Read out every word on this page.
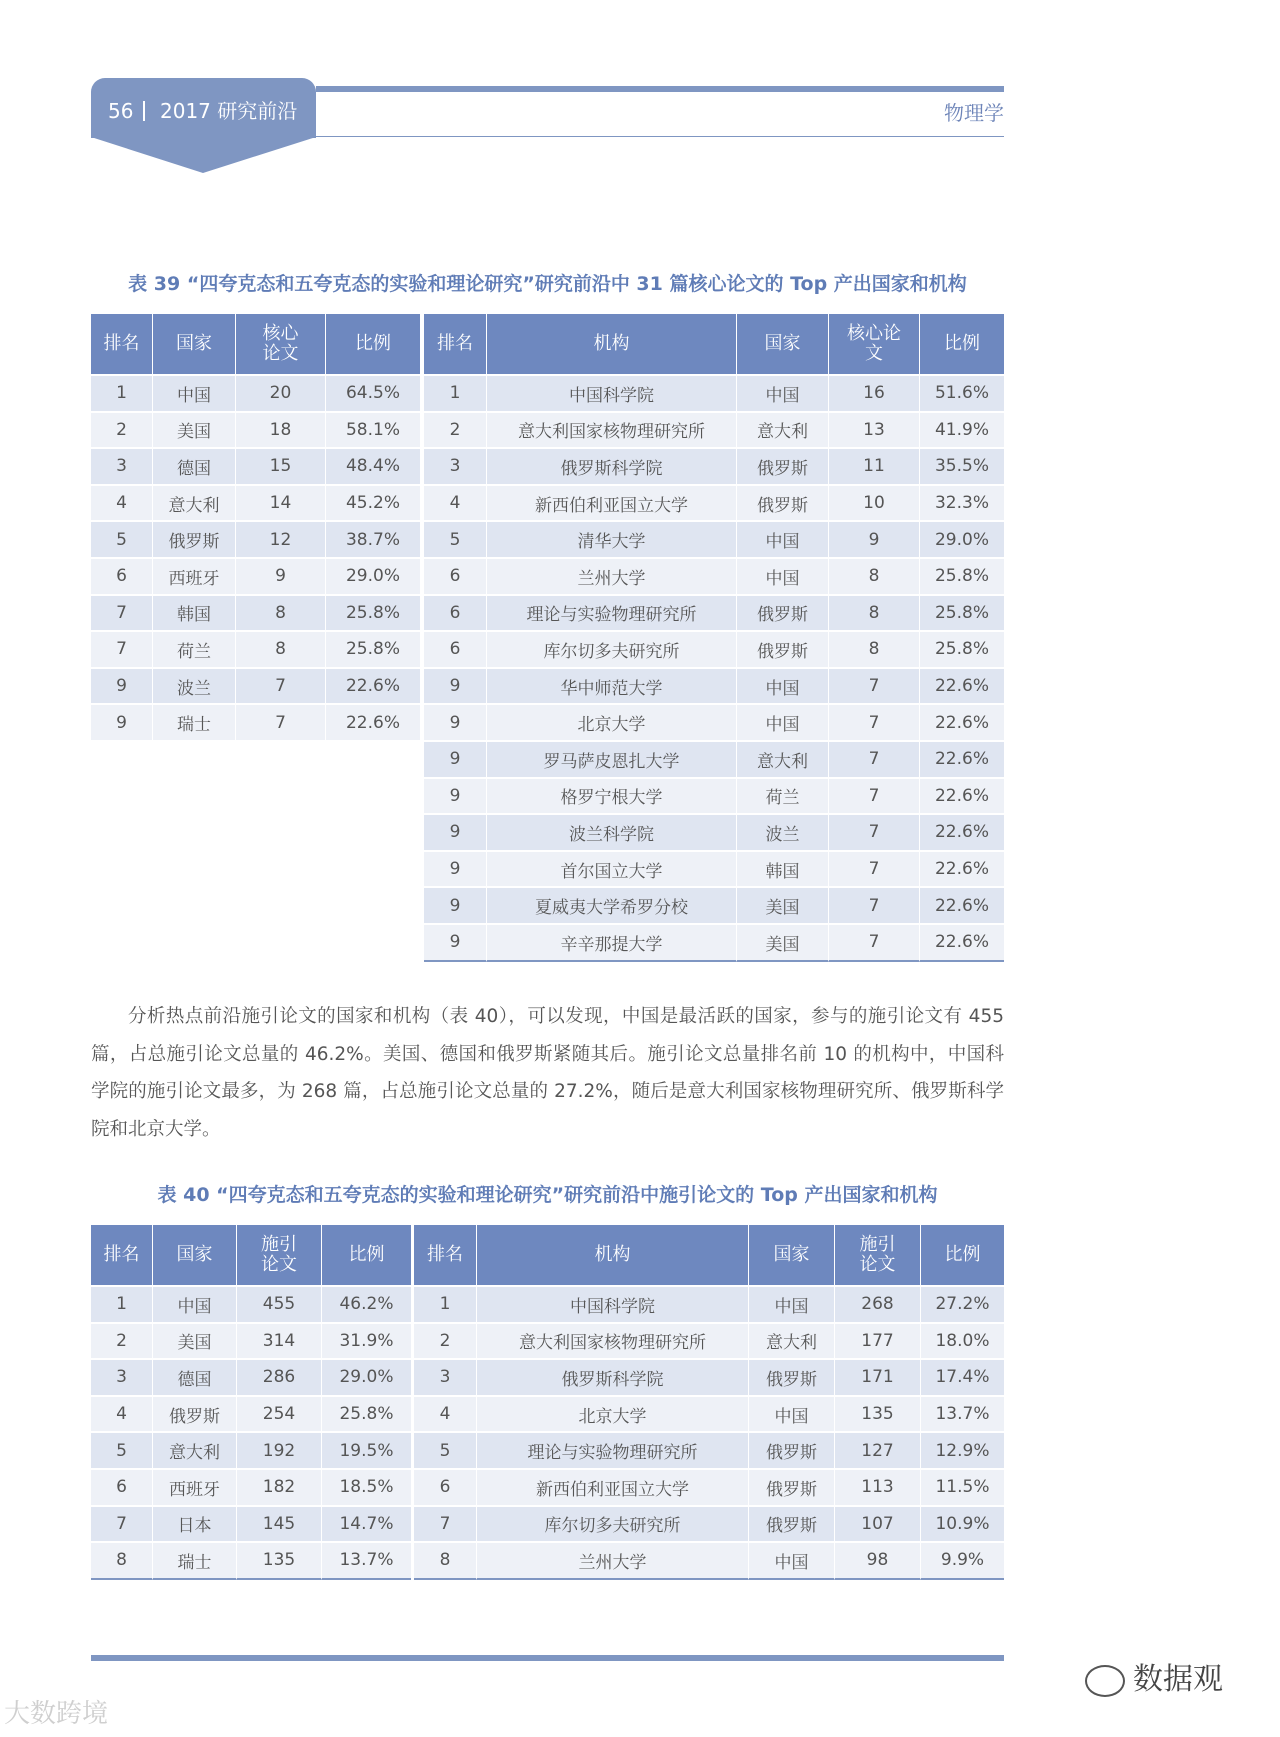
56 2017 研究前沿	物理学
表 39 “四夸克态和五夸克态的实验和理论研究”研究前沿中 31 篇核心论文的 Top 产出国家和机构
排名	国家	核心论文	比例
1	中国	20	64.5%
2	美国	18	58.1%
3	德国	15	48.4%
4	意大利	14	45.2%
5	俄罗斯	12	38.7%
6	西班牙	9	29.0%
7	韩国	8	25.8%
7	荷兰	8	25.8%
9	波兰	7	22.6%
9	瑞士	7	22.6%
排名	机构	国家	核心论文	比例
1	中国科学院	中国	16	51.6%
2	意大利国家核物理研究所	意大利	13	41.9%
3	俄罗斯科学院	俄罗斯	11	35.5%
4	新西伯利亚国立大学	俄罗斯	10	32.3%
5	清华大学	中国	9	29.0%
6	兰州大学	中国	8	25.8%
6	理论与实验物理研究所	俄罗斯	8	25.8%
6	库尔切多夫研究所	俄罗斯	8	25.8%
9	华中师范大学	中国	7	22.6%
9	北京大学	中国	7	22.6%
9	罗马萨皮恩扎大学	意大利	7	22.6%
9	格罗宁根大学	荷兰	7	22.6%
9	波兰科学院	波兰	7	22.6%
9	首尔国立大学	韩国	7	22.6%
9	夏威夷大学希罗分校	美国	7	22.6%
9	辛辛那提大学	美国	7	22.6%
分析热点前沿施引论文的国家和机构（表 40），可以发现，中国是最活跃的国家，参与的施引论文有 455 篇，占总施引论文总量的 46.2%。美国、德国和俄罗斯紧随其后。施引论文总量排名前 10 的机构中，中国科学院的施引论文最多，为 268 篇，占总施引论文总量的 27.2%，随后是意大利国家核物理研究所、俄罗斯科学院和北京大学。
表 40 “四夸克态和五夸克态的实验和理论研究”研究前沿中施引论文的 Top 产出国家和机构
排名	国家	施引论文	比例
1	中国	455	46.2%
2	美国	314	31.9%
3	德国	286	29.0%
4	俄罗斯	254	25.8%
5	意大利	192	19.5%
6	西班牙	182	18.5%
7	日本	145	14.7%
8	瑞士	135	13.7%
排名	机构	国家	施引论文	比例
1	中国科学院	中国	268	27.2%
2	意大利国家核物理研究所	意大利	177	18.0%
3	俄罗斯科学院	俄罗斯	171	17.4%
4	北京大学	中国	135	13.7%
5	理论与实验物理研究所	俄罗斯	127	12.9%
6	新西伯利亚国立大学	俄罗斯	113	11.5%
7	库尔切多夫研究所	俄罗斯	107	10.9%
8	兰州大学	中国	98	9.9%
数据观
大数跨境
